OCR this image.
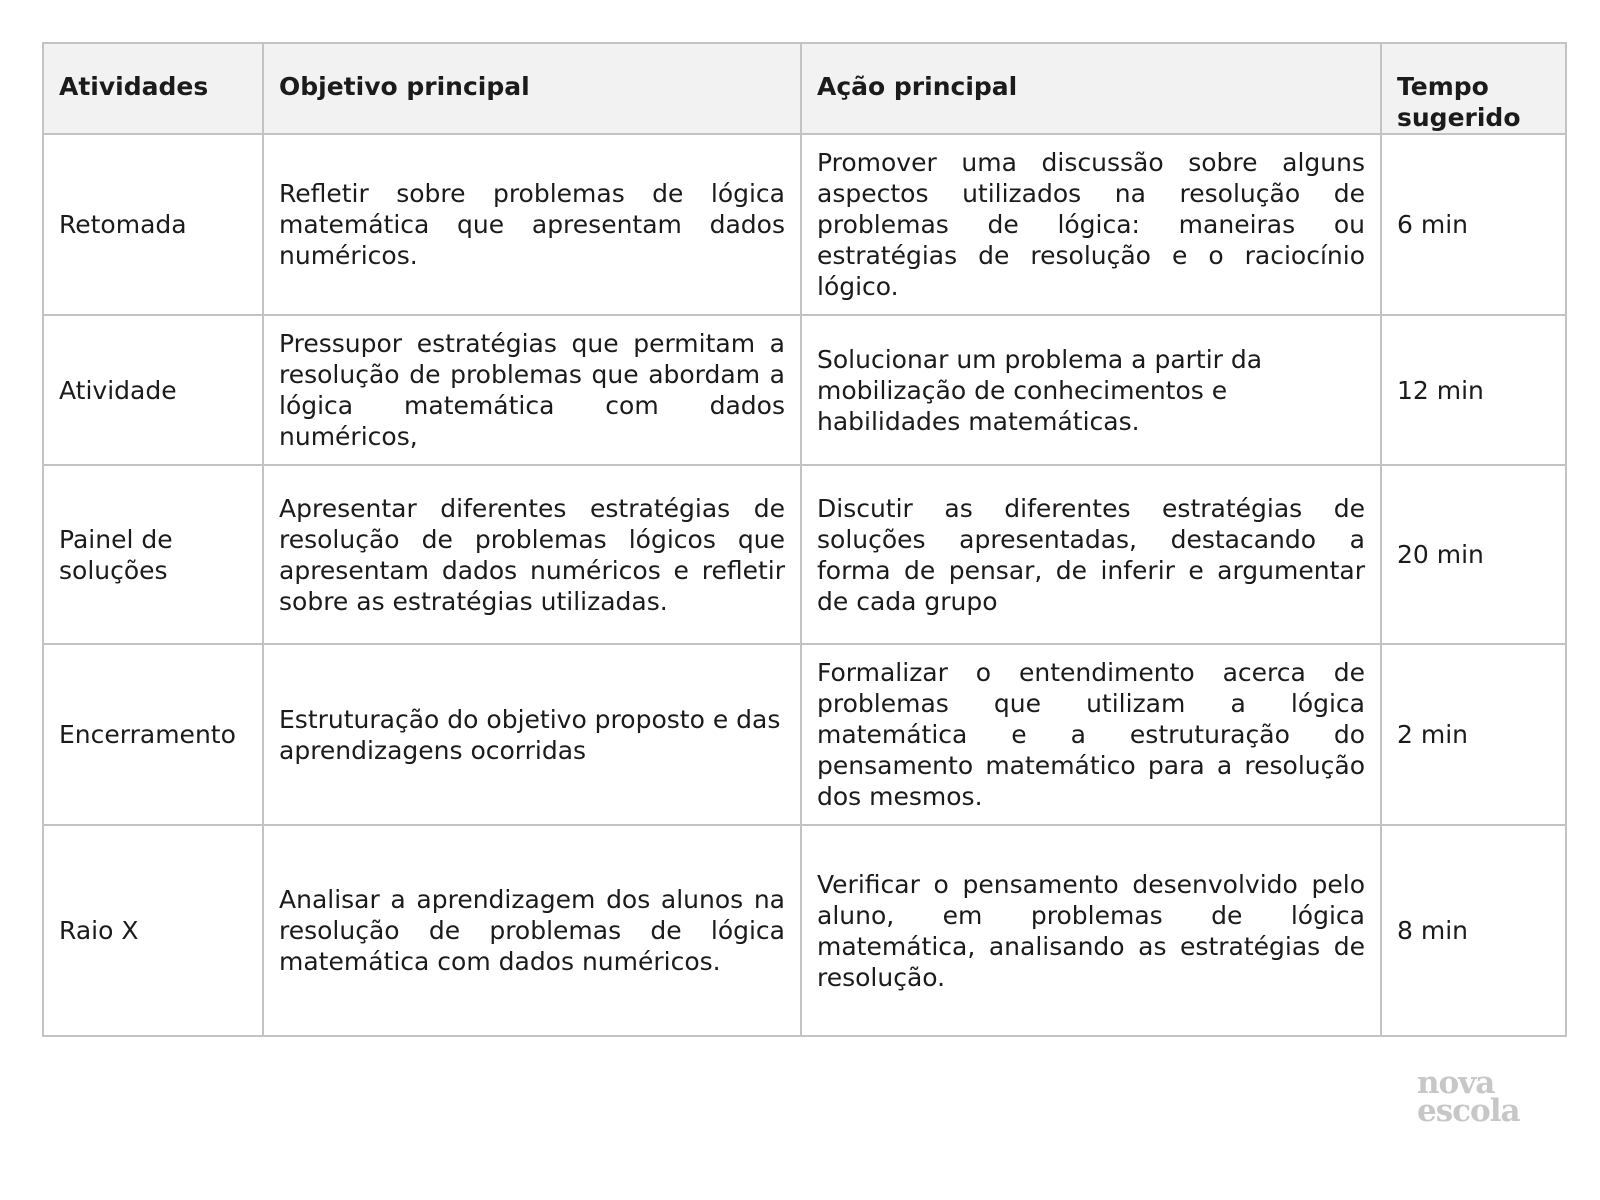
Atividades	Objetivo principal	Ação principal	Tempo sugerido
Retomada	Refletir sobre problemas de lógica matemática que apresentam dados numéricos.	Promover uma discussão sobre alguns aspectos utilizados na resolução de problemas de lógica: maneiras ou estratégias de resolução e o raciocínio lógico.	6 min
Atividade	Pressupor estratégias que permitam a resolução de problemas que abordam a lógica matemática com dados numéricos,	Solucionar um problema a partir da mobilização de conhecimentos e habilidades matemáticas.	12 min
Painel de soluções	Apresentar diferentes estratégias de resolução de problemas lógicos que apresentam dados numéricos e refletir sobre as estratégias utilizadas.	Discutir as diferentes estratégias de soluções apresentadas, destacando a forma de pensar, de inferir e argumentar de cada grupo	20 min
Encerramento	Estruturação do objetivo proposto e das aprendizagens ocorridas	Formalizar o entendimento acerca de problemas que utilizam a lógica matemática e a estruturação do pensamento matemático para a resolução dos mesmos.	2 min
Raio X	Analisar a aprendizagem dos alunos na resolução de problemas de lógica matemática com dados numéricos.	Verificar o pensamento desenvolvido pelo aluno, em problemas de lógica matemática, analisando as estratégias de resolução.	8 min
nova
escola
